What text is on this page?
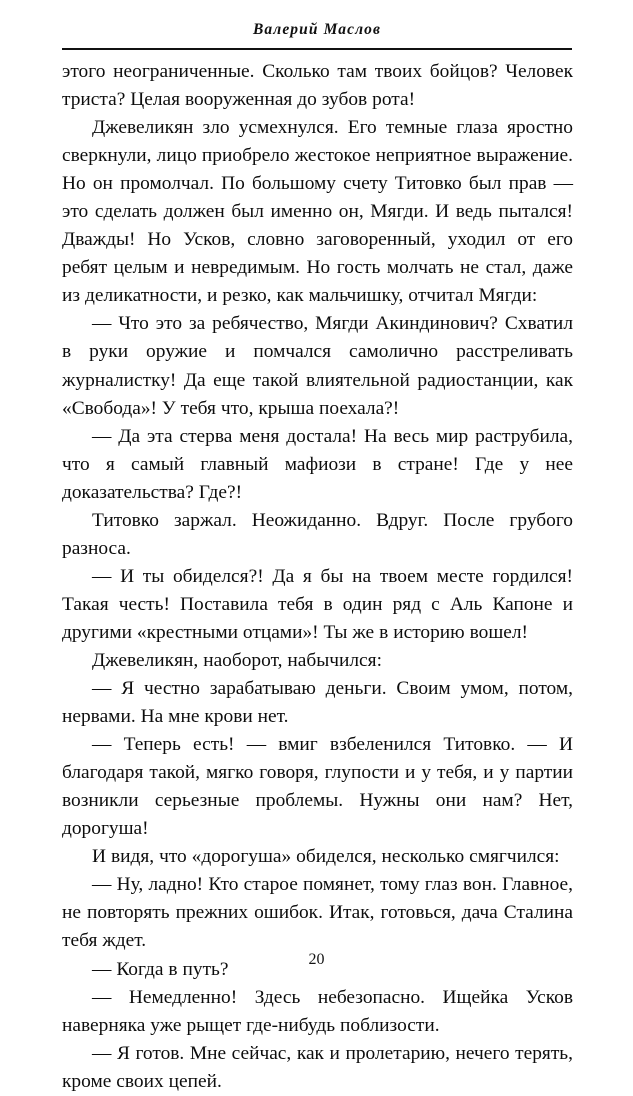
Валерий Маслов

этого неограниченные. Сколько там твоих бойцов? Человек триста? Целая вооруженная до зубов рота!

Джевеликян зло усмехнулся. Его темные глаза яростно сверкнули, лицо приобрело жестокое неприятное выражение. Но он промолчал. По большому счету Титовко был прав — это сделать должен был именно он, Мягди. И ведь пытался! Дважды! Но Усков, словно заговоренный, уходил от его ребят целым и невредимым. Но гость молчать не стал, даже из деликатности, и резко, как мальчишку, отчитал Мягди:

— Что это за ребячество, Мягди Акиндинович? Схватил в руки оружие и помчался самолично расстреливать журналистку! Да еще такой влиятельной радиостанции, как «Свобода»! У тебя что, крыша поехала?!

— Да эта стерва меня достала! На весь мир раструбила, что я самый главный мафиози в стране! Где у нее доказательства? Где?!

Титовко заржал. Неожиданно. Вдруг. После грубого разноса.

— И ты обиделся?! Да я бы на твоем месте гордился! Такая честь! Поставила тебя в один ряд с Аль Капоне и другими «крестными отцами»! Ты же в историю вошел!

Джевеликян, наоборот, набычился:

— Я честно зарабатываю деньги. Своим умом, потом, нервами. На мне крови нет.

— Теперь есть! — вмиг взбеленился Титовко. — И благодаря такой, мягко говоря, глупости и у тебя, и у партии возникли серьезные проблемы. Нужны они нам? Нет, дорогуша!

И видя, что «дорогуша» обиделся, несколько смягчился:

— Ну, ладно! Кто старое помянет, тому глаз вон. Главное, не повторять прежних ошибок. Итак, готовься, дача Сталина тебя ждет.

— Когда в путь?

— Немедленно! Здесь небезопасно. Ищейка Усков наверняка уже рыщет где-нибудь поблизости.

— Я готов. Мне сейчас, как и пролетарию, нечего терять, кроме своих цепей.

20
